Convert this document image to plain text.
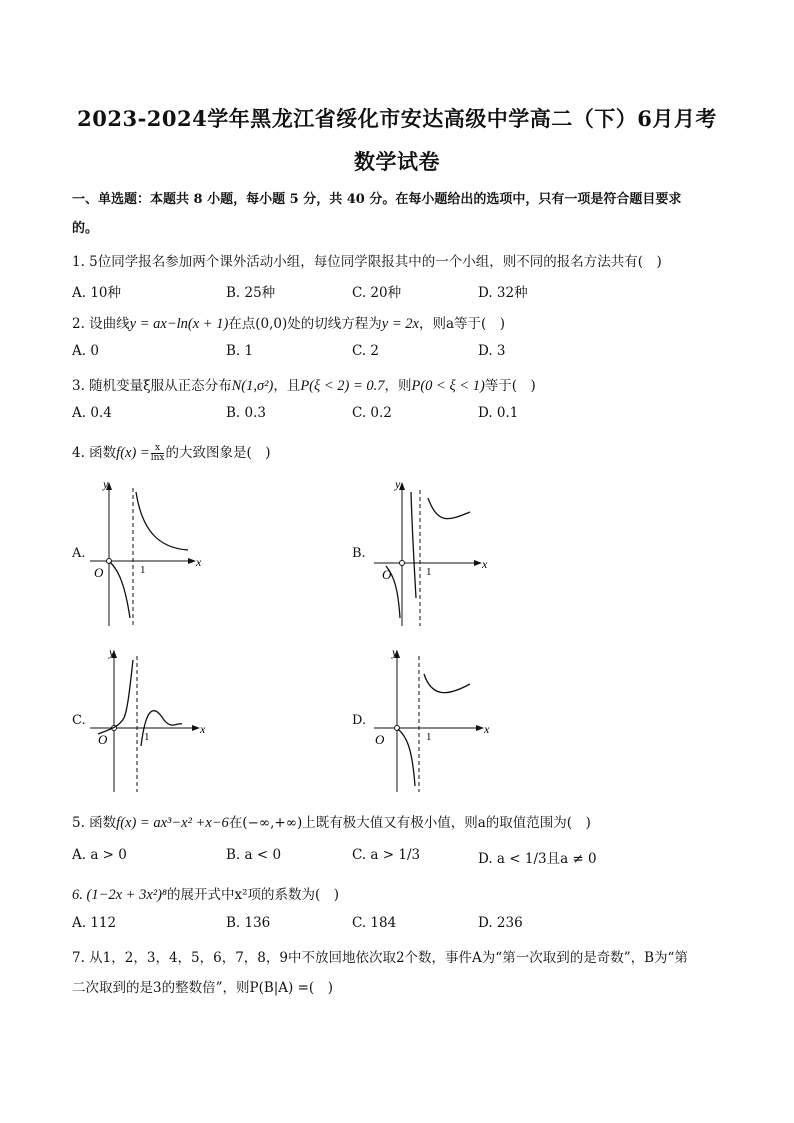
2023-2024学年黑龙江省绥化市安达高级中学高二（下）6月月考
数学试卷
一、单选题：本题共 8 小题，每小题 5 分，共 40 分。在每小题给出的选项中，只有一项是符合题目要求
的。
1. 5位同学报名参加两个课外活动小组，每位同学限报其中的一个小组，则不同的报名方法共有(　)
A. 10种	B. 25种	C. 20种	D. 32种
2. 设曲线y = ax−ln(x + 1)在点(0,0)处的切线方程为y = 2x，则a等于(　)
A. 0	B. 1	C. 2	D. 3
3. 随机变量ξ服从正态分布N(1,σ²)，且P(ξ < 2) = 0.7，则P(0 < ξ < 1)等于(　)
A. 0.4	B. 0.3	C. 0.2	D. 0.1
4. 函数$f(x) = \frac{x}{\ln x}$ 的大致图象是(　)
A.
y
x
O	1
B.
y
x
O	1
C.
y
x
O	1
D.
y
x
O	1
5. 函数f(x) = ax³−x² +x−6在(−∞,+∞)上既有极大值又有极小值，则a的取值范围为(　)
A. a > 0	B. a < 0	C. a > 1/3	D. a < 1/3且a ≠ 0
6. (1−2x + 3x²)⁸的展开式中x²项的系数为(　)
A. 112	B. 136	C. 184	D. 236
7. 从1，2，3，4，5，6，7，8，9中不放回地依次取2个数，事件A为“第一次取到的是奇数”，B为“第
二次取到的是3的整数倍”，则P(B|A) =(　)
